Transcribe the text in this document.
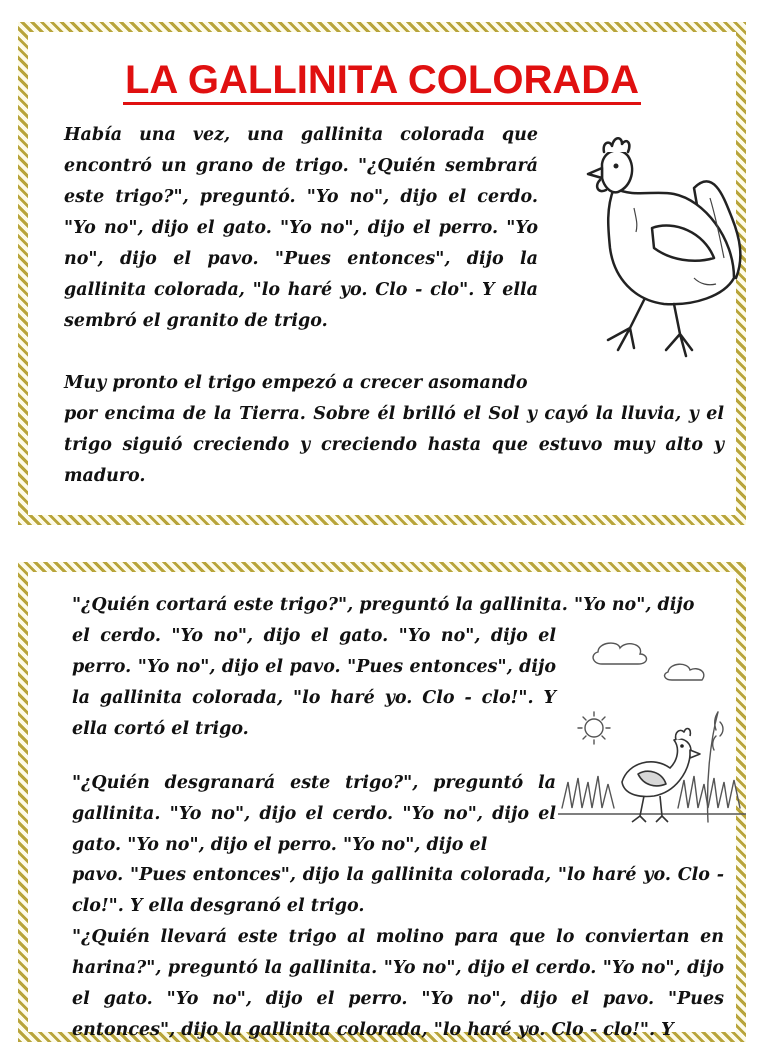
LA GALLINITA COLORADA

Había una vez, una gallinita colorada que encontró un grano de trigo. "¿Quién sembrará este trigo?", preguntó. "Yo no", dijo el cerdo. "Yo no", dijo el gato. "Yo no", dijo el perro. "Yo no", dijo el pavo. "Pues entonces", dijo la gallinita colorada, "lo haré yo. Clo - clo". Y ella sembró el granito de trigo.

Muy pronto el trigo empezó a crecer asomando
por encima de la Tierra. Sobre él brilló el Sol y cayó la lluvia, y el trigo siguió creciendo y creciendo hasta que estuvo muy alto y maduro.

"¿Quién cortará este trigo?", preguntó la gallinita. "Yo no", dijo
el cerdo. "Yo no", dijo el gato. "Yo no", dijo el perro. "Yo no", dijo el pavo. "Pues entonces", dijo la gallinita colorada, "lo haré yo. Clo - clo!". Y ella cortó el trigo.

"¿Quién desgranará este trigo?", preguntó la gallinita. "Yo no", dijo el cerdo. "Yo no", dijo el gato. "Yo no", dijo el perro. "Yo no", dijo el

pavo. "Pues entonces", dijo la gallinita colorada, "lo haré yo. Clo - clo!". Y ella desgranó el trigo.

"¿Quién llevará este trigo al molino para que lo conviertan en harina?", preguntó la gallinita. "Yo no", dijo el cerdo. "Yo no", dijo el gato. "Yo no", dijo el perro. "Yo no", dijo el pavo. "Pues entonces", dijo la gallinita colorada, "lo haré yo. Clo - clo!". Y
